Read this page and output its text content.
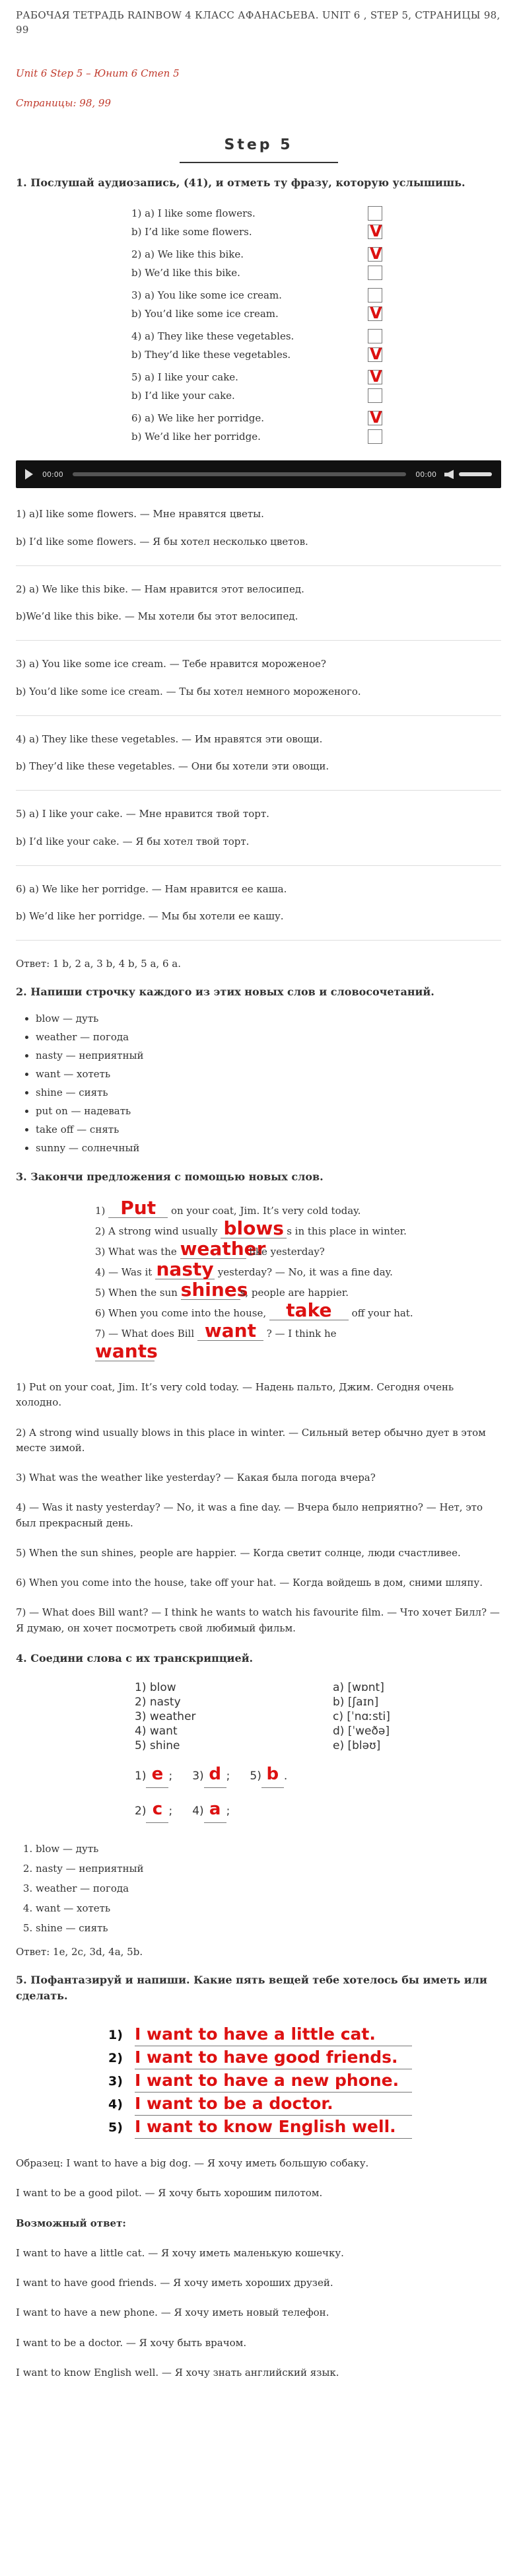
РАБОЧАЯ ТЕТРАДЬ RAINBOW 4 КЛАСС АФАНАСЬЕВА. UNIT 6 , STEP 5, СТРАНИЦЫ 98, 99
Unit 6 Step 5 – Юнит 6 Степ 5
Страницы: 98, 99
Step 5
1. Послушай аудиозапись, (41), и отметь ту фразу, которую услышишь.
1) a) I like some flowers.
b) I’d like some flowers.	V
2) a) We like this bike.	V
b) We’d like this bike.
3) a) You like some ice cream.
b) You’d like some ice cream.	V
4) a) They like these vegetables.
b) They’d like these vegetables.	V
5) a) I like your cake.	V
b) I’d like your cake.
6) a) We like her porridge.	V
b) We’d like her porridge.
00:00	00:00

1) a)I like some flowers. — Мне нравятся цветы.

b) I’d like some flowers. — Я бы хотел несколько цветов.

2) a) We like this bike. — Нам нравится этот велосипед.

b)We’d like this bike. — Мы хотели бы этот велосипед.

3) a) You like some ice cream. — Тебе нравится мороженое?

b) You’d like some ice cream. — Ты бы хотел немного мороженого.

4) a) They like these vegetables. — Им нравятся эти овощи.

b) They’d like these vegetables. — Они бы хотели эти овощи.

5) a) I like your cake. — Мне нравится твой торт.

b) I’d like your cake. — Я бы хотел твой торт.

6) a) We like her porridge. — Нам нравится ее каша.

b) We’d like her porridge. — Мы бы хотели ее кашу.

Ответ: 1 b, 2 a, 3 b, 4 b, 5 a, 6 a.
2. Напиши строчку каждого из этих новых слов и словосочетаний.
• blow — дуть
• weather — погода
• nasty — неприятный
• want — хотеть
• shine — сиять
• put on — надевать
• take off — снять
• sunny — солнечный
3. Закончи предложения с помощью новых слов.
1) Put on your coat, Jim. It’s very cold today.
2) A strong wind usually blows s in this place in winter.
3) What was the weather like yesterday?
4) — Was it nasty yesterday? — No, it was a fine day.
5) When the sun shiness, people are happier.
6) When you come into the house, take off your hat.
7) — What does Bill want ? — I think he
wants

1) Put on your coat, Jim. It’s very cold today. — Надень пальто, Джим. Сегодня очень холодно.

2) A strong wind usually blows in this place in winter. — Сильный ветер обычно дует в этом месте зимой.

3) What was the weather like yesterday? — Какая была погода вчера?

4) — Was it nasty yesterday? — No, it was a fine day. — Вчера было неприятно? — Нет, это был прекрасный день.

5) When the sun shines, people are happier. — Когда светит солнце, люди счастливее.

6) When you come into the house, take off your hat. — Когда войдешь в дом, сними шляпу.

7) — What does Bill want? — I think he wants to watch his favourite film. — Что хочет Билл? — Я думаю, он хочет посмотреть свой любимый фильм.

4. Соедини слова с их транскрипцией.
1) blow
2) nasty
3) weather
4) want
5) shine
a) [wɒnt]
b) [ʃaɪn]
c) [ˈnɑːsti]
d) [ˈweðə]
e) [bləʊ]
1) e ; 3) d ; 5) b .
2) c ; 4) a ;
1. blow — дуть
2. nasty — неприятный
3. weather — погода
4. want — хотеть
5. shine — сиять
Ответ: 1e, 2c, 3d, 4a, 5b.
5. Пофантазируй и напиши. Какие пять вещей тебе хотелось бы иметь или сделать.
1) I want to have a little cat.
2) I want to have good friends.
3) I want to have a new phone.
4) I want to be a doctor.
5) I want to know English well.

Образец: I want to have a big dog. — Я хочу иметь большую собаку.

I want to be a good pilot. — Я хочу быть хорошим пилотом.

Возможный ответ:

I want to have a little cat. — Я хочу иметь маленькую кошечку.

I want to have good friends. — Я хочу иметь хороших друзей.

I want to have a new phone. — Я хочу иметь новый телефон.

I want to be a doctor. — Я хочу быть врачом.

I want to know English well. — Я хочу знать английский язык.
